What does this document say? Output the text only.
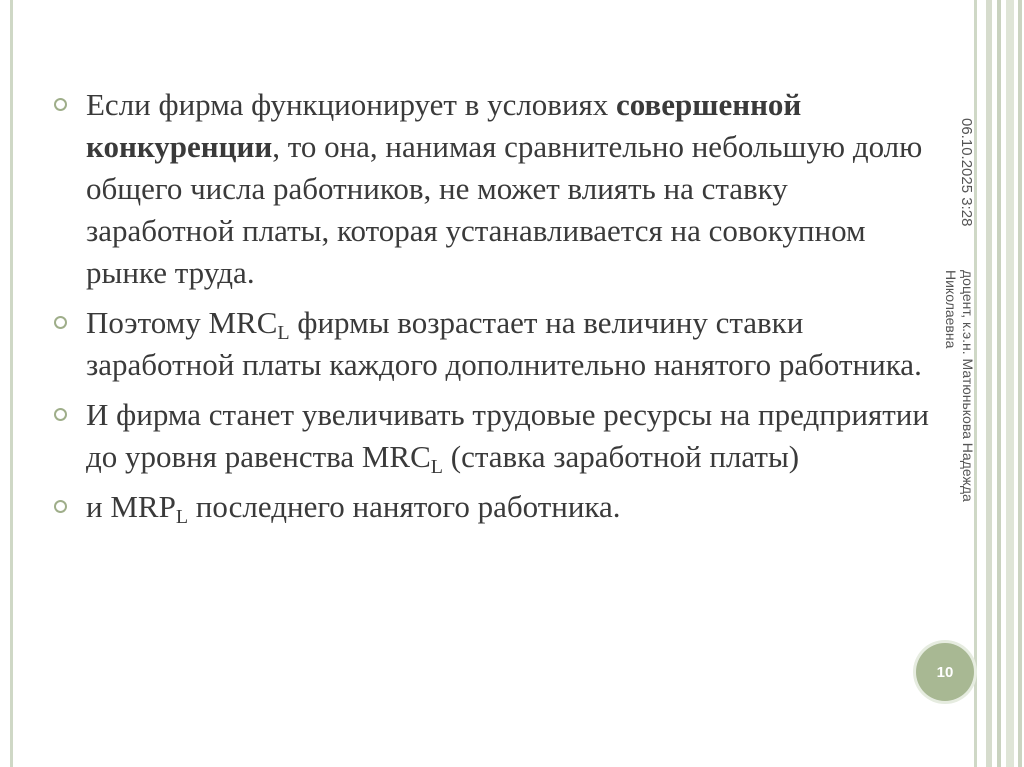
Если фирма функционирует в условиях совершенной конкуренции, то она, нанимая сравнительно небольшую долю общего числа работников, не может влиять на ставку заработной платы, которая устанавливается на совокупном рынке труда.
Поэтому $MRC_L$ фирмы возрастает на величину ставки заработной платы каждого дополнительно нанятого работника.
И фирма станет увеличивать трудовые ресурсы на предприятии до уровня равенства $MRC_L$ (ставка заработной платы)
и $MRP_L$ последнего нанятого работника.
06.10.2025 3:28
доцент, к.э.н. Матюнькова Надежда Николаевна
10
